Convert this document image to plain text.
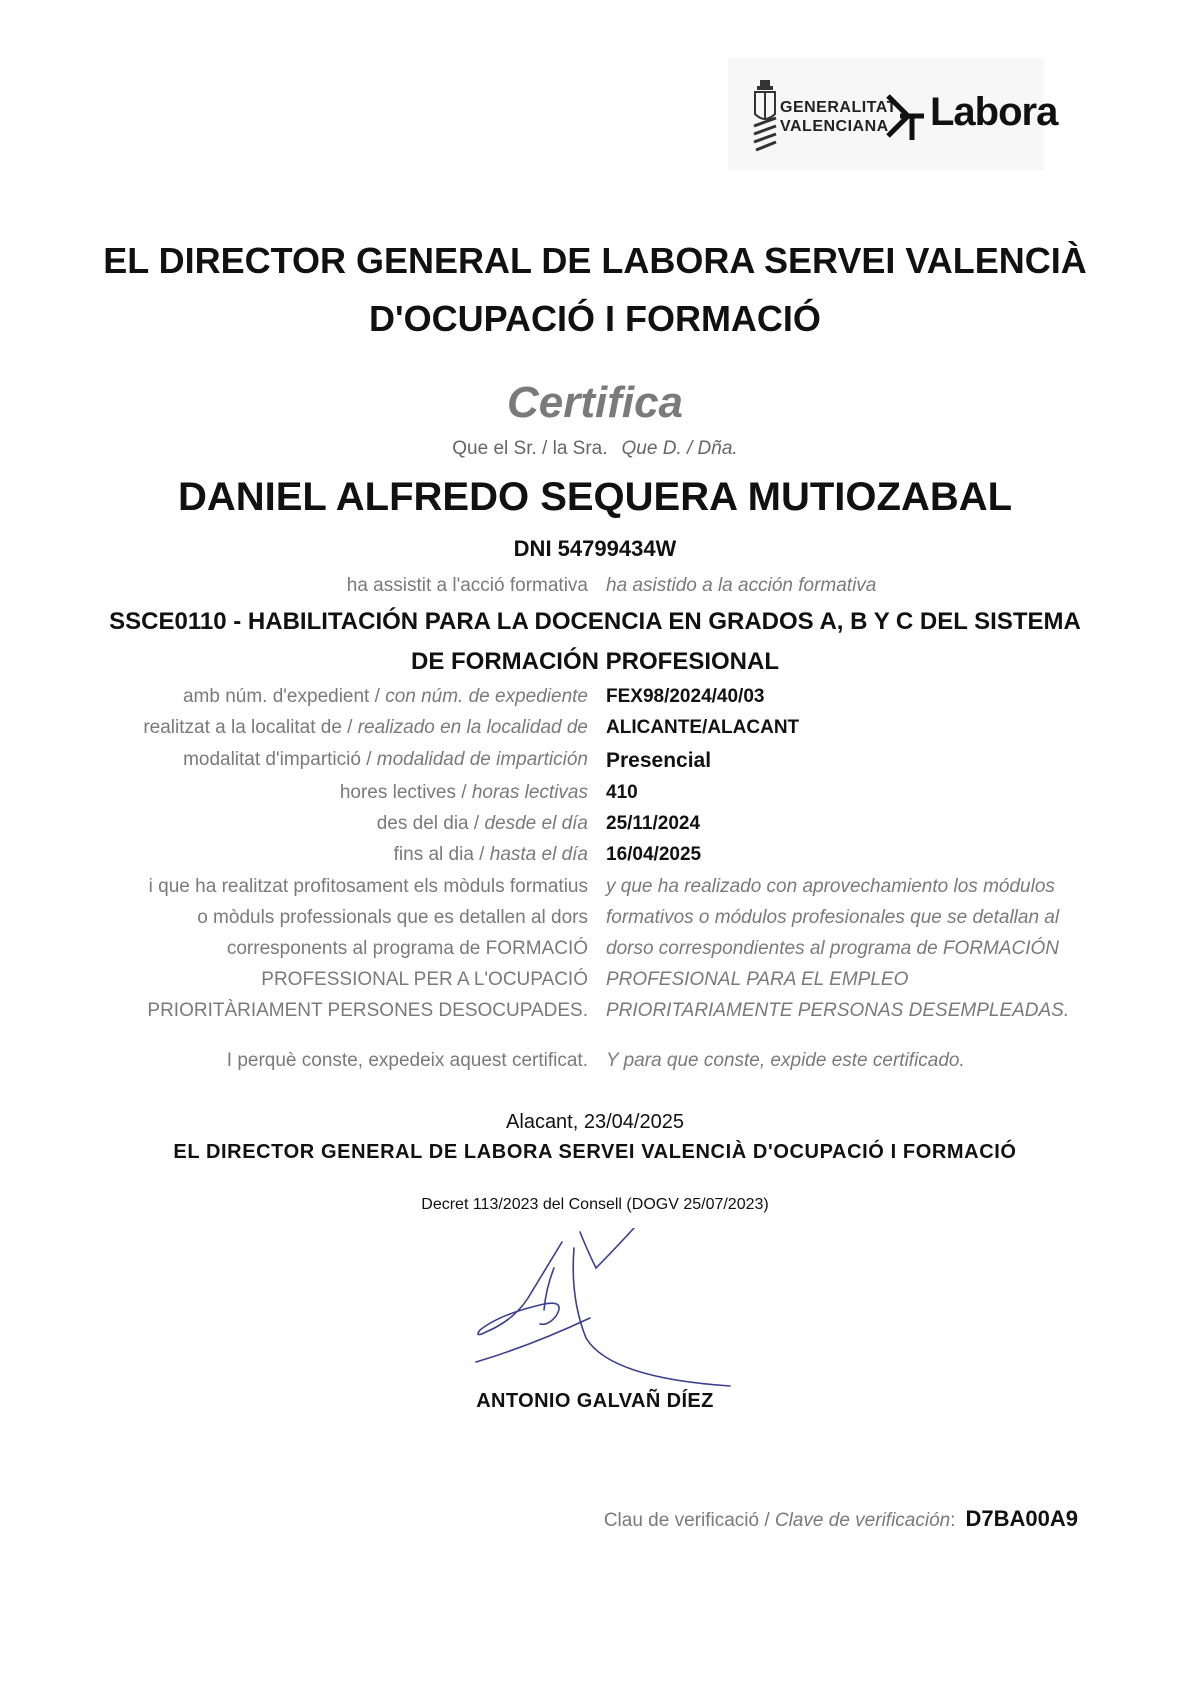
GENERALITAT
VALENCIANA Labora
EL DIRECTOR GENERAL DE LABORA SERVEI VALENCIÀ
D'OCUPACIÓ I FORMACIÓ
Certifica
Que el Sr. / la Sra. Que D. / Dña.
DANIEL ALFREDO SEQUERA MUTIOZABAL
DNI 54799434W
ha assistit a l'acció formativa ha asistido a la acción formativa
SSCE0110 - HABILITACIÓN PARA LA DOCENCIA EN GRADOS A, B Y C DEL SISTEMA
DE FORMACIÓN PROFESIONAL
amb núm. d'expedient / con núm. de expediente FEX98/2024/40/03
realitzat a la localitat de / realizado en la localidad de ALICANTE/ALACANT
modalitat d'impartició / modalidad de impartición Presencial
hores lectives / horas lectivas 410
des del dia / desde el día 25/11/2024
fins al dia / hasta el día 16/04/2025
i que ha realitzat profitosament els mòduls formatius
o mòduls professionals que es detallen al dors
corresponents al programa de FORMACIÓ
PROFESSIONAL PER A L'OCUPACIÓ
PRIORITÀRIAMENT PERSONES DESOCUPADES.
y que ha realizado con aprovechamiento los módulos
formativos o módulos profesionales que se detallan al
dorso correspondientes al programa de FORMACIÓN
PROFESIONAL PARA EL EMPLEO
PRIORITARIAMENTE PERSONAS DESEMPLEADAS.
I perquè conste, expedeix aquest certificat. Y para que conste, expide este certificado.
Alacant, 23/04/2025
EL DIRECTOR GENERAL DE LABORA SERVEI VALENCIÀ D'OCUPACIÓ I FORMACIÓ
Decret 113/2023 del Consell (DOGV 25/07/2023)
ANTONIO GALVAÑ DÍEZ
Clau de verificació / Clave de verificación: D7BA00A9
